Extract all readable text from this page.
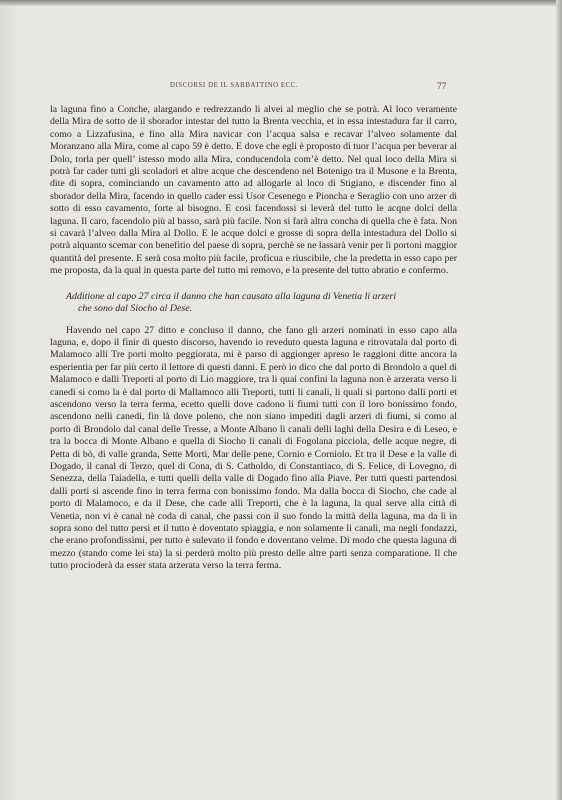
DISCORSI DE IL SABBATTINO ECC.	77

la laguna fino a Conche, alargando e redrezzando li alvei al meglio che se potrà. Al loco veramente della Mira de sotto de il sborador intestar del tutto la Brenta vecchia, et in essa intestadura far il carro, como a Lizzafusina, e fino alla Mira navicar con l’acqua salsa e recavar l’alveo solamente dal Moranzano alla Mira, come al capo 59 è detto. E dove che egli è proposto di tuor l’acqua per beverar al Dolo, torla per quell’ istesso modo alla Mira, conducendola com’è detto. Nel qual loco della Mira si potrà far cader tutti gli scoladori et altre acque che descendeno nel Botenigo tra il Musone e la Brenta, dite di sopra, cominciando un cavamento atto ad allogarle al loco di Stigiano, e discender fino al sborador della Mira, facendo in quello cader essi Usor Cesenego e Pioncha e Seraglio con uno arzer di sotto di esso cavamento, forte al bisogno. E così facendossi si leverà del tutto le acqne dolci della laguna. Il caro, facendolo più al basso, sarà più facile. Non si farà altra concha di quella che è fata. Non si cavarà l’alveo dalla Mira al Dollo. E le acque dolci e grosse di sopra della intestadura del Dollo si potrà alquanto scemar con benefitio del paese di sopra, perchè se ne lassarà venir per li portoni maggior quantità del presente. E serà cosa molto più facile, proficua e riuscibile, che la predetta in esso capo per me proposta, da la qual in questa parte del tutto mi removo, e la presente del tutto abratio e confermo.

Additione al capo 27 circa il danno che han causato alla laguna di Venetia li arzeri
che sono dal Siocho al Dese.

Havendo nel capo 27 ditto e concluso il danno, che fano gli arzeri nominati in esso capo alla laguna, e, dopo il finir di questo discorso, havendo io reveduto questa laguna e ritrovatala dal porto di Malamoco alli Tre porti molto peggiorata, mi è parso di aggionger apreso le raggioni ditte ancora la esperientia per far più certo il lettore di questi danni. E però io dico che dal porto di Brondolo a quel di Malamoco e dalli Treporti al porto di Lio maggiore, tra li quai confini la laguna non è arzerata verso li canedi si como la è dal porto di Mallamoco alli Treporti, tutti li canali, li quali si partono dalli porti et ascendono verso la terra ferma, ecetto quelli dove cadono li fiumi tutti con il loro bonissimo fondo, ascendono nelli canedi, fin là dove poleno, che non siano impediti dagli arzeri di fiumi, si como al porto di Brondolo dal canal delle Tresse, a Monte Albano li canali delli laghi della Desira e di Leseo, e tra la bocca di Monte Albano e quella di Siocho li canali di Fogolana picciola, delle acque negre, di Petta di bò, di valle granda, Sette Morti, Mar delle pene, Cornio e Corniolo. Et tra il Dese e la valle di Dogado, il canal di Terzo, quel di Cona, di S. Catholdo, di Constantiaco, di S. Felice, di Lovegno, di Senezza, della Taiadella, e tutti quelli della valle di Dogado fino alla Piave. Per tutti questi partendosi dalli porti si ascende fino in terra ferma con bonissimo fondo. Ma dalla bocca di Siocho, che cade al porto di Malamoco, e da il Dese, che cade alli Treporti, che è la laguna, la qual serve alla città di Venetia, non vi è canal nè coda di canal, che passi con il suo fondo la mittà della laguna, ma da li in sopra sono del tutto persi et il tutto è doventato spiaggia, e non solamente li canali, ma negli fondazzi, che erano profondissimi, per tutto è sulevato il fondo e doventano velme. Di modo che questa laguna di mezzo (stando come lei sta) la si perderà molto più presto delle altre parti senza comparatione. Il che tutto procioderà da esser stata arzerata verso la terra ferma.
